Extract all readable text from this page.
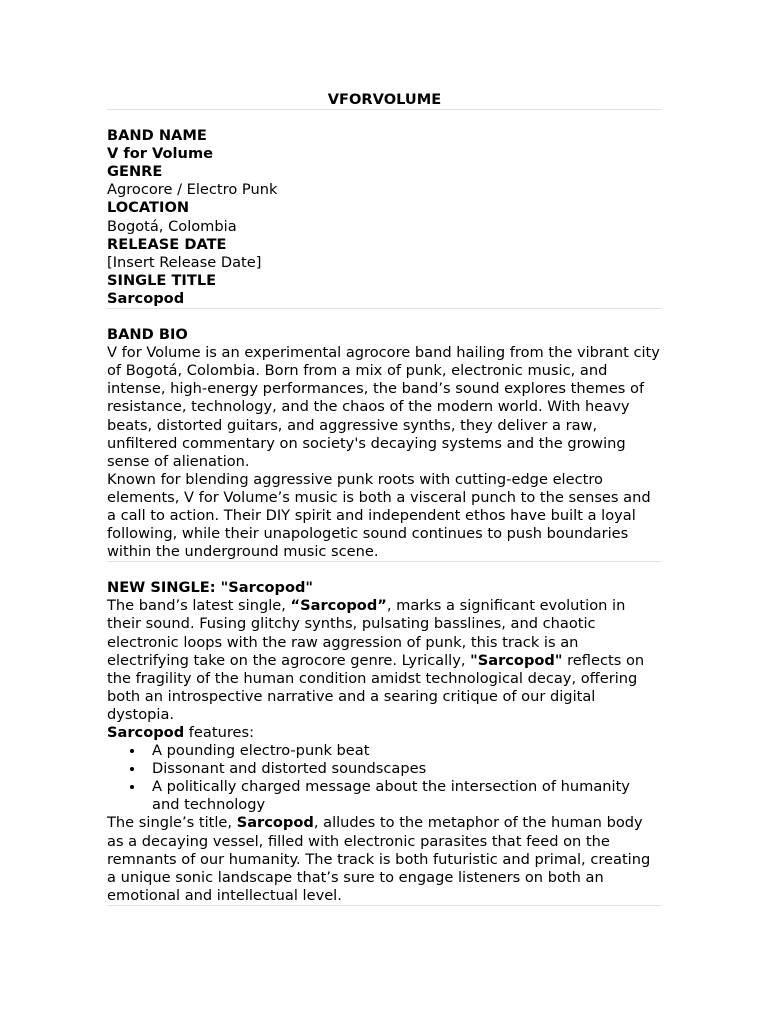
VFORVOLUME

BAND NAME

V for Volume

GENRE

Agrocore / Electro Punk

LOCATION

Bogotá, Colombia

RELEASE DATE

[Insert Release Date]

SINGLE TITLE

Sarcopod

BAND BIO

V for Volume is an experimental agrocore band hailing from the vibrant city of Bogotá, Colombia. Born from a mix of punk, electronic music, and intense, high-energy performances, the band’s sound explores themes of resistance, technology, and the chaos of the modern world. With heavy beats, distorted guitars, and aggressive synths, they deliver a raw, unfiltered commentary on society's decaying systems and the growing sense of alienation.

Known for blending aggressive punk roots with cutting-edge electro elements, V for Volume’s music is both a visceral punch to the senses and a call to action. Their DIY spirit and independent ethos have built a loyal following, while their unapologetic sound continues to push boundaries within the underground music scene.

NEW SINGLE: "Sarcopod"

The band’s latest single, “Sarcopod”, marks a significant evolution in their sound. Fusing glitchy synths, pulsating basslines, and chaotic electronic loops with the raw aggression of punk, this track is an electrifying take on the agrocore genre. Lyrically, "Sarcopod" reflects on the fragility of the human condition amidst technological decay, offering both an introspective narrative and a searing critique of our digital dystopia.

Sarcopod features:

A pounding electro-punk beat
Dissonant and distorted soundscapes
A politically charged message about the intersection of humanity and technology

The single’s title, Sarcopod, alludes to the metaphor of the human body as a decaying vessel, filled with electronic parasites that feed on the remnants of our humanity. The track is both futuristic and primal, creating a unique sonic landscape that’s sure to engage listeners on both an emotional and intellectual level.
